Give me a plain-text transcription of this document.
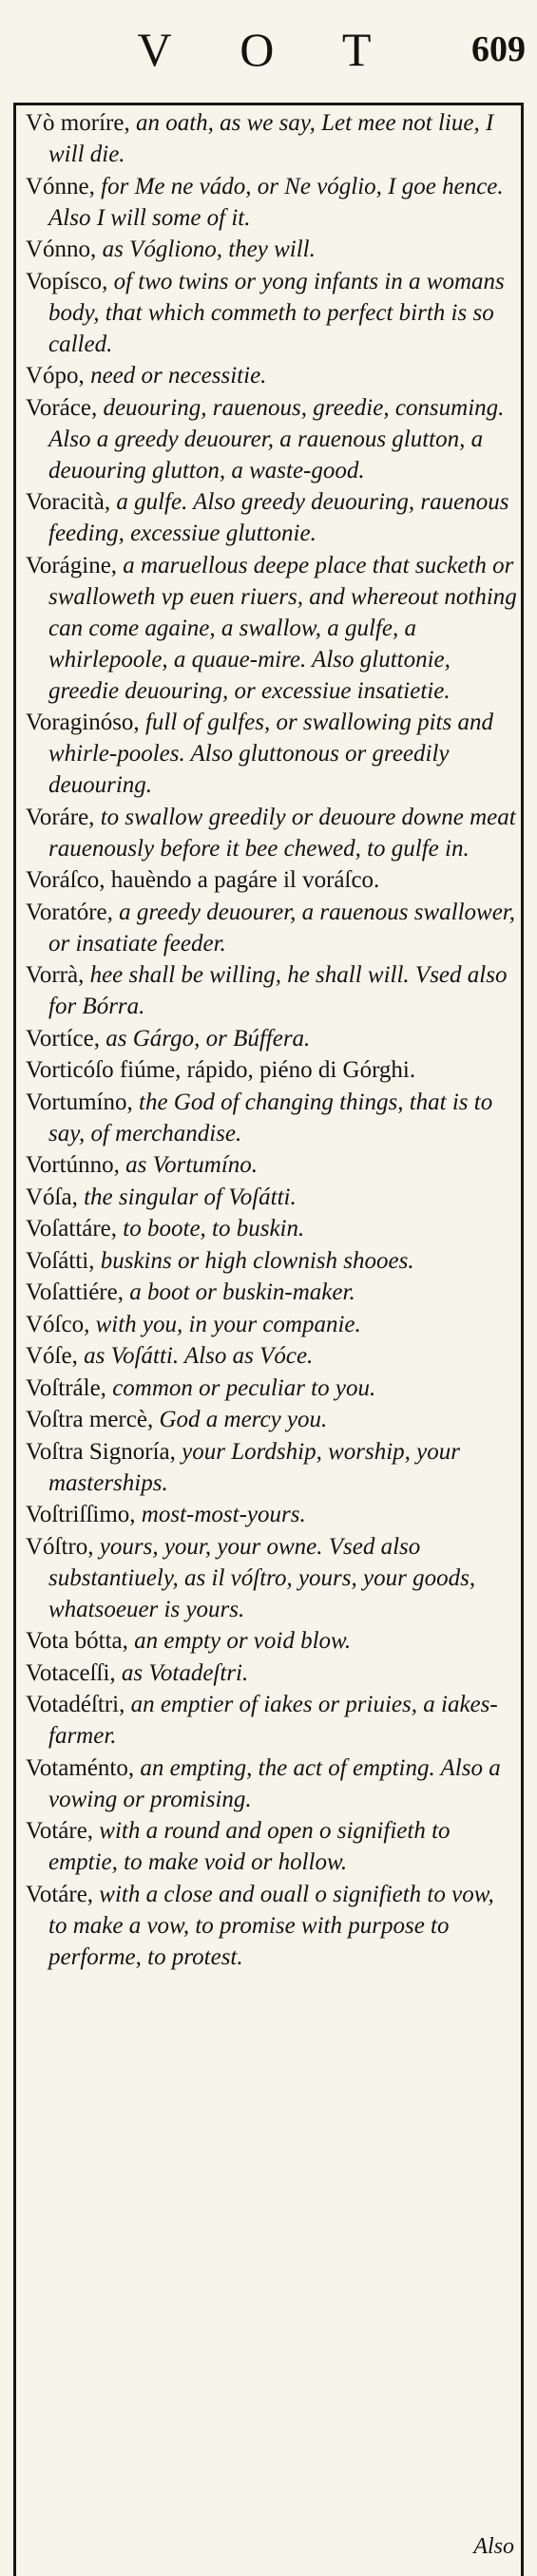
V O T	609
Vò moríre, an oath, as we say, Let mee not liue, I will die.
Vónne, for Me ne vádo, or Ne vóglio, I goe hence. Also I will some of it.
Vónno, as Vógliono, they will.
Vopísco, of two twins or yong infants in a womans body, that which commeth to perfect birth is so called.
Vópo, need or necessitie.
Voráce, deuouring, rauenous, greedie, consuming. Also a greedy deuourer, a rauenous glutton, a deuouring glutton, a waste-good.
Voracità, a gulfe. Also greedy deuouring, rauenous feeding, excessiue gluttonie.
Vorágine, a maruellous deepe place that sucketh or swalloweth vp euen riuers, and whereout nothing can come againe, a swallow, a gulfe, a whirlepoole, a quaue-mire. Also gluttonie, greedie deuouring, or excessiue insatietie.
Voraginóso, full of gulfes, or swallowing pits and whirle-pooles. Also gluttonous or greedily deuouring.
Voráre, to swallow greedily or deuoure downe meat rauenously before it bee chewed, to gulfe in.
Voráſco, hauèndo a pagáre il voráſco.
Voratóre, a greedy deuourer, a rauenous swallower, or insatiate feeder.
Vorrà, hee shall be willing, he shall will. Vsed also for Bórra.
Vortíce, as Gárgo, or Búffera.
Vorticóſo fiúme, rápido, piéno di Górghi.
Vortumíno, the God of changing things, that is to say, of merchandise.
Vortúnno, as Vortumíno.
Vóſa, the singular of Voſátti.
Voſattáre, to boote, to buskin.
Voſátti, buskins or high clownish shooes.
Voſattiére, a boot or buskin-maker.
Vóſco, with you, in your companie.
Vóſe, as Voſátti. Also as Vóce.
Voſtrále, common or peculiar to you.
Voſtra mercè, God a mercy you.
Voſtra Signoría, your Lordship, worship, your masterships.
Voſtriſſimo, most-most-yours.
Vóſtro, yours, your, your owne. Vsed also substantiuely, as il vóſtro, yours, your goods, whatsoeuer is yours.
Vota bótta, an empty or void blow.
Votaceſſi, as Votadeſtri.
Votadéſtri, an emptier of iakes or priuies, a iakes-farmer.
Votaménto, an empting, the act of empting. Also a vowing or promising.
Votáre, with a round and open o signifieth to emptie, to make void or hollow.
Votáre, with a close and ouall o signifieth to vow, to make a vow, to promise with purpose to performe, to protest.
Also
